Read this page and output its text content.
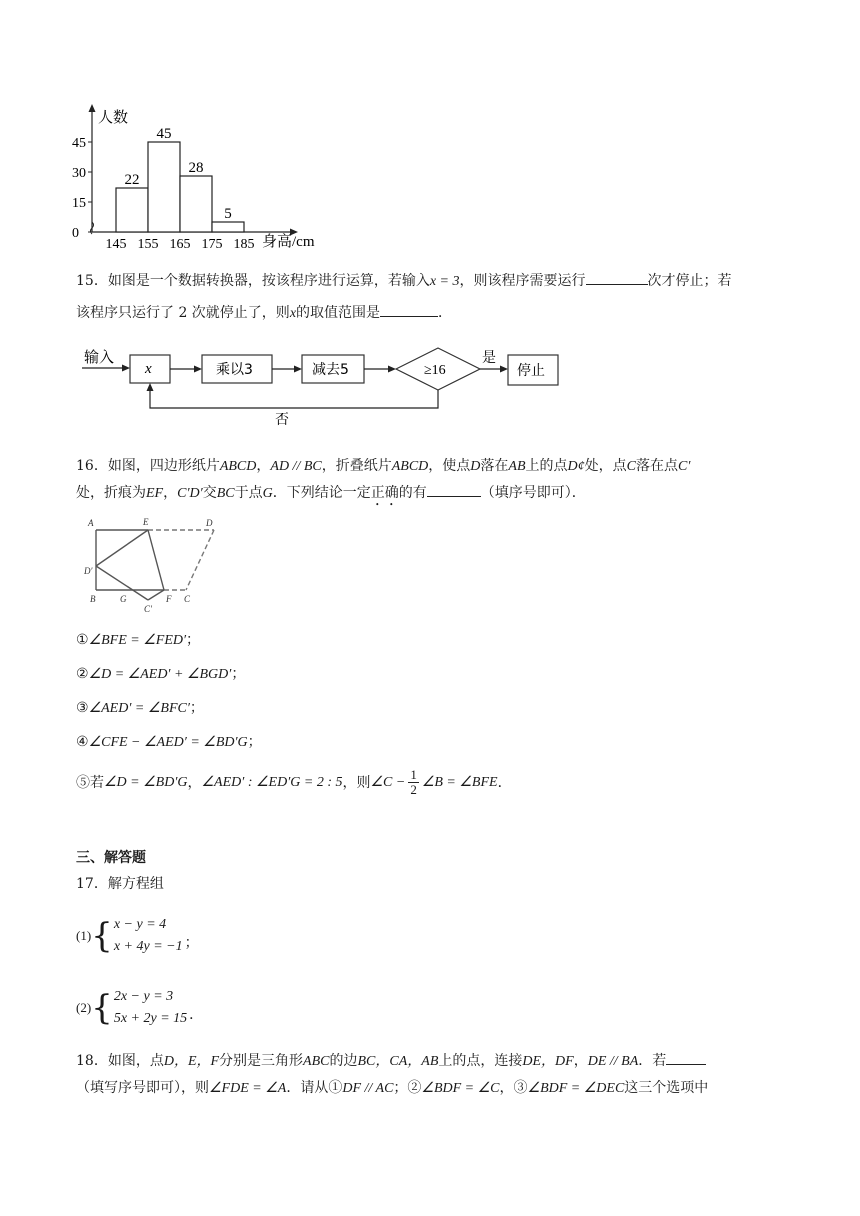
人数
0
15
30
45
22
45
28
5
145 155 165 175 185 身高/cm
15．如图是一个数据转换器，按该程序进行运算，若输入x = 3，则该程序需要运行	次才停止；若
该程序只运行了 2 次就停止了，则x的取值范围是	．
输入
x	乘以3	减去5	≥16
是
停止
否
16．如图，四边形纸片ABCD，AD // BC，折叠纸片ABCD，使点D落在AB上的点D¢处，点C落在点C′
处，折痕为EF，C′D′交BC于点G．下列结论一定正确的有	（填序号即可）．
A	E	D
D′
B	G
C′
F C
①∠BFE = ∠FED′；
②∠D = ∠AED′ + ∠BGD′；
③∠AED′ = ∠BFC′；
④∠CFE − ∠AED′ = ∠BD′G；
⑤若 ∠D = ∠BD′G ， ∠AED′ : ∠ED′G = 2 : 5 ，则 ∠C − $\frac{1}{2}$ ∠B = ∠BFE ．
三、解答题
17．解方程组
(1) { x − y = 4
x + 4y = −1 ；
(2) { 2x − y = 3
5x + 2y = 15 ．
18．如图，点D，E，F分别是三角形ABC的边BC，CA，AB上的点，连接DE，DF，DE // BA．若
（填写序号即可），则∠FDE = ∠A．请从①DF // AC；②∠BDF = ∠C，③∠BDF = ∠DEC这三个选项中
